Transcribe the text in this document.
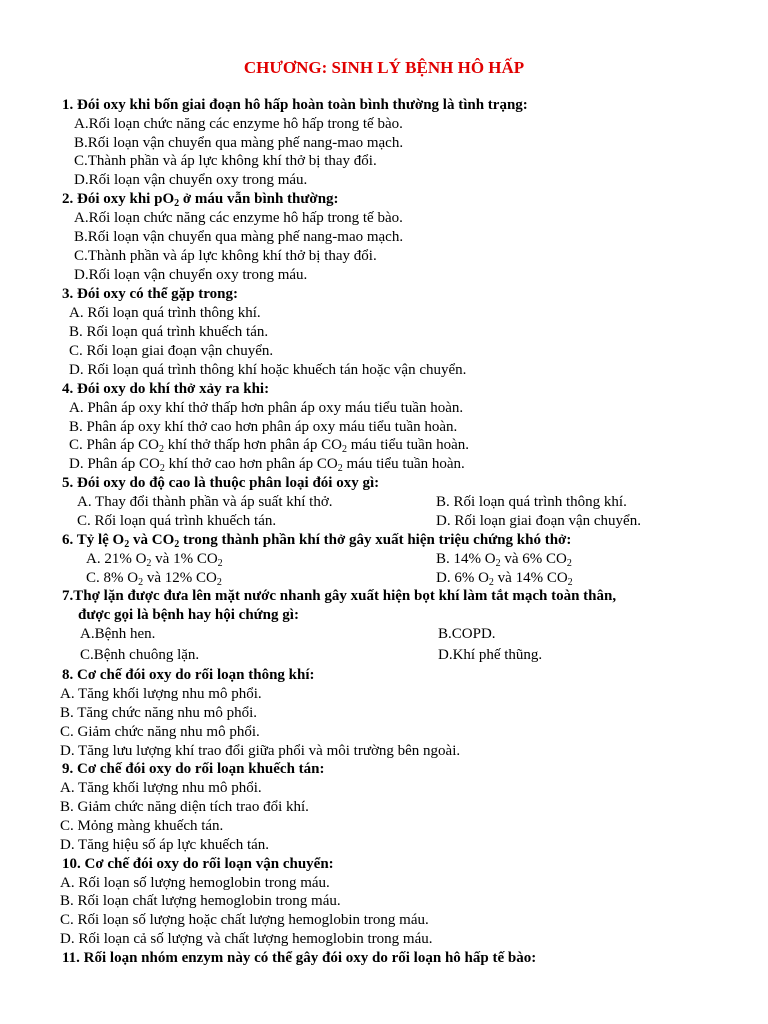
CHƯƠNG: SINH LÝ BỆNH HÔ HẤP
1. Đói oxy khi bốn giai đoạn hô hấp hoàn toàn bình thường là tình trạng:
A.Rối loạn chức năng các enzyme hô hấp trong tế bào.
B.Rối loạn vận chuyển qua màng phế nang-mao mạch.
C.Thành phần và áp lực không khí thở bị thay đổi.
D.Rối loạn vận chuyển oxy trong máu.
2. Đói oxy khi $pO_2$ ở máu vẫn bình thường:
A.Rối loạn chức năng các enzyme hô hấp trong tế bào.
B.Rối loạn vận chuyển qua màng phế nang-mao mạch.
C.Thành phần và áp lực không khí thở bị thay đổi.
D.Rối loạn vận chuyển oxy trong máu.
3. Đói oxy có thể gặp trong:
A. Rối loạn quá trình thông khí.
B. Rối loạn quá trình khuếch tán.
C. Rối loạn giai đoạn vận chuyển.
D. Rối loạn quá trình thông khí hoặc khuếch tán hoặc vận chuyển.
4. Đói oxy do khí thở xảy ra khi:
A. Phân áp oxy khí thở thấp hơn phân áp oxy máu tiểu tuần hoàn.
B. Phân áp oxy khí thở cao hơn phân áp oxy máu tiểu tuần hoàn.
C. Phân áp $CO_2$ khí thở thấp hơn phân áp $CO_2$ máu tiểu tuần hoàn.
D. Phân áp $CO_2$ khí thở cao hơn phân áp $CO_2$ máu tiểu tuần hoàn.
5. Đói oxy do độ cao là thuộc phân loại đói oxy gì:
A. Thay đổi thành phần và áp suất khí thở.	B. Rối loạn quá trình thông khí.
C. Rối loạn quá trình khuếch tán.	D. Rối loạn giai đoạn vận chuyển.
6. Tỷ lệ $O_2$ và $CO_2$ trong thành phần khí thở gây xuất hiện triệu chứng khó thở:
A. 21% $O_2$ và 1% $CO_2$	B. 14% $O_2$ và 6% $CO_2$
C. 8% $O_2$ và 12% $CO_2$	D. 6% $O_2$ và 14% $CO_2$
7.Thợ lặn được đưa lên mặt nước nhanh gây xuất hiện bọt khí làm tắt mạch toàn thân,
được gọi là bệnh hay hội chứng gì:
A.Bệnh hen.	B.COPD.
C.Bệnh chuông lặn.	D.Khí phế thũng.
8. Cơ chế đói oxy do rối loạn thông khí:
A. Tăng khối lượng nhu mô phổi.
B. Tăng chức năng nhu mô phổi.
C. Giảm chức năng nhu mô phổi.
D. Tăng lưu lượng khí trao đổi giữa phổi và môi trường bên ngoài.
9. Cơ chế đói oxy do rối loạn khuếch tán:
A. Tăng khối lượng nhu mô phổi.
B. Giảm chức năng diện tích trao đổi khí.
C. Mỏng màng khuếch tán.
D. Tăng hiệu số áp lực khuếch tán.
10. Cơ chế đói oxy do rối loạn vận chuyển:
A. Rối loạn số lượng hemoglobin trong máu.
B. Rối loạn chất lượng hemoglobin trong máu.
C. Rối loạn số lượng hoặc chất lượng hemoglobin trong máu.
D. Rối loạn cả số lượng và chất lượng hemoglobin trong máu.
11. Rối loạn nhóm enzym này có thể gây đói oxy do rối loạn hô hấp tế bào:
